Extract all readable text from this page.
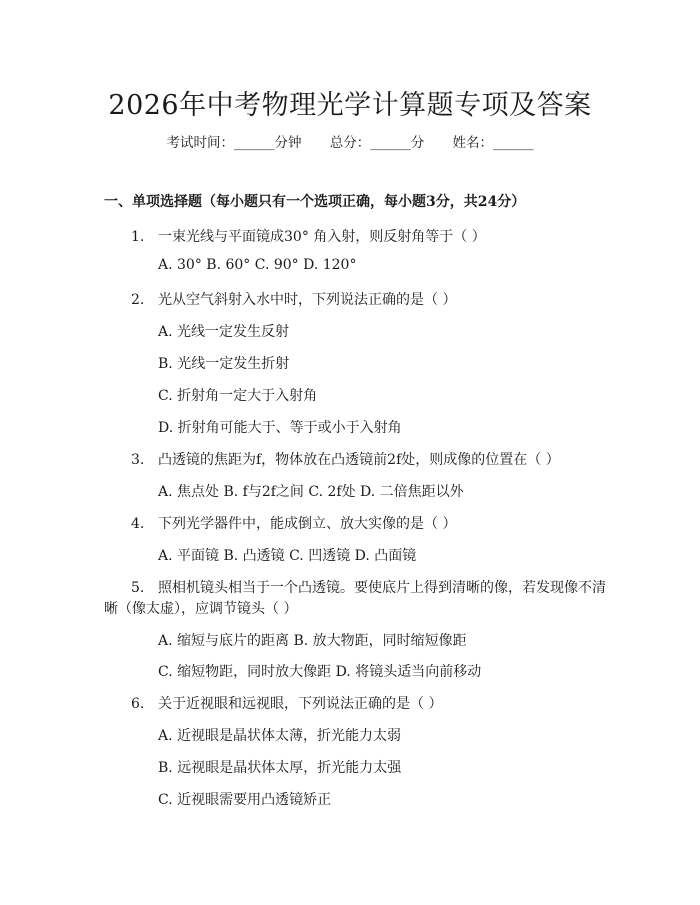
2026年中考物理光学计算题专项及答案
考试时间：______分钟 总分：______分 姓名：______
一、单项选择题（每小题只有一个选项正确，每小题3分，共24分）
1. 一束光线与平面镜成30° 角入射，则反射角等于（ ）
A. 30° B. 60° C. 90° D. 120°
2. 光从空气斜射入水中时，下列说法正确的是（ ）
A. 光线一定发生反射
B. 光线一定发生折射
C. 折射角一定大于入射角
D. 折射角可能大于、等于或小于入射角
3. 凸透镜的焦距为f，物体放在凸透镜前2f处，则成像的位置在（ ）
A. 焦点处 B. f与2f之间 C. 2f处 D. 二倍焦距以外
4. 下列光学器件中，能成倒立、放大实像的是（ ）
A. 平面镜 B. 凸透镜 C. 凹透镜 D. 凸面镜
5. 照相机镜头相当于一个凸透镜。要使底片上得到清晰的像，若发现像不清
晰（像太虚），应调节镜头（ ）
A. 缩短与底片的距离 B. 放大物距，同时缩短像距
C. 缩短物距，同时放大像距 D. 将镜头适当向前移动
6. 关于近视眼和远视眼，下列说法正确的是（ ）
A. 近视眼是晶状体太薄，折光能力太弱
B. 远视眼是晶状体太厚，折光能力太强
C. 近视眼需要用凸透镜矫正
